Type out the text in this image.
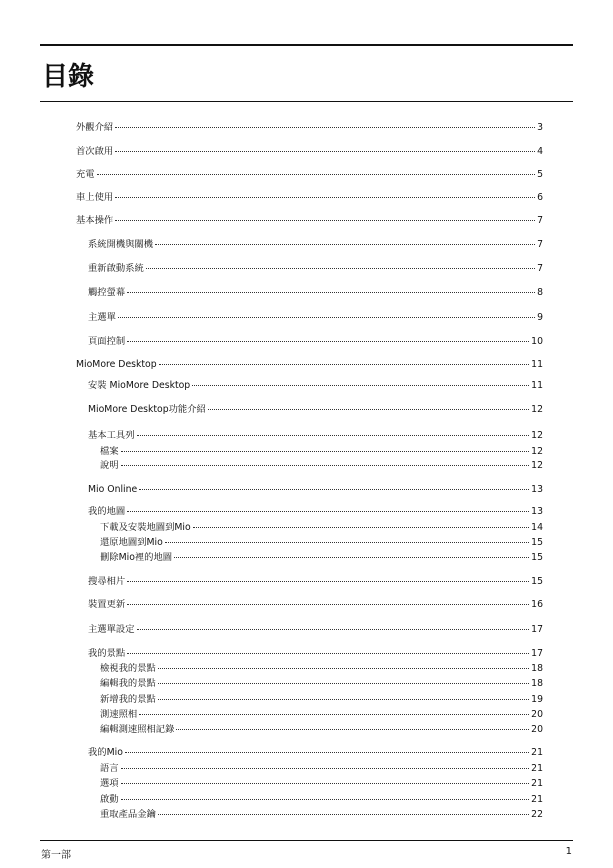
目錄
外觀介紹	3
首次啟用	4
充電	5
車上使用	6
基本操作	7
系統開機與關機	7
重新啟動系統	7
觸控螢幕	8
主選單	9
頁面控制	10
MioMore Desktop	11
安裝 MioMore Desktop	11
MioMore Desktop功能介紹	12
基本工具列	12
檔案	12
說明	12
Mio Online	13
我的地圖	13
下載及安裝地圖到Mio	14
還原地圖到Mio	15
刪除Mio裡的地圖	15
搜尋相片	15
裝置更新	16
主選單設定	17
我的景點	17
檢視我的景點	18
編輯我的景點	18
新增我的景點	19
測速照相	20
編輯測速照相記錄	20
我的Mio	21
語言	21
選項	21
啟動	21
重取產品金鑰	22
第一部	1
